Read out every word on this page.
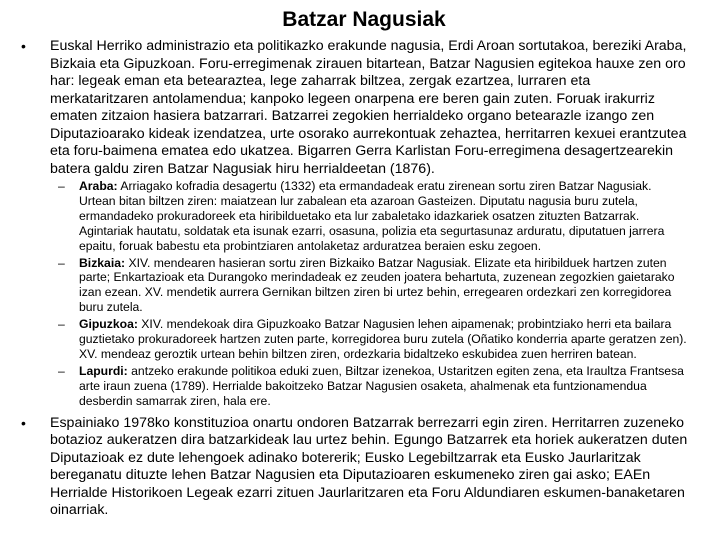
Batzar Nagusiak
• Euskal Herriko administrazio eta politikazko erakunde nagusia, Erdi Aroan sortutakoa, bereziki Araba, Bizkaia eta Gipuzkoan. Foru-erregimenak zirauen bitartean, Batzar Nagusien egitekoa hauxe zen oro har: legeak eman eta betearaztea, lege zaharrak biltzea, zergak ezartzea, lurraren eta merkataritzaren antolamendua; kanpoko legeen onarpena ere beren gain zuten. Foruak irakurriz ematen zitzaion hasiera batzarrari. Batzarrei zegokien herrialdeko organo betearazle izango zen Diputazioarako kideak izendatzea, urte osorako aurrekontuak zehaztea, herritarren kexuei erantzutea eta foru-baimena ematea edo ukatzea. Bigarren Gerra Karlistan Foru-erregimena desagertzearekin batera galdu ziren Batzar Nagusiak hiru herrialdeetan (1876).
– Araba: Arriagako kofradia desagertu (1332) eta ermandadeak eratu zirenean sortu ziren Batzar Nagusiak. Urtean bitan biltzen ziren: maiatzean lur zabalean eta azaroan Gasteizen. Diputatu nagusia buru zutela, ermandadeko prokuradoreek eta hiribilduetako eta lur zabaletako idazkariek osatzen zituzten Batzarrak. Agintariak hautatu, soldatak eta isunak ezarri, osasuna, polizia eta segurtasunaz arduratu, diputatuen jarrera epaitu, foruak babestu eta probintziaren antolaketaz arduratzea beraien esku zegoen.
– Bizkaia: XIV. mendearen hasieran sortu ziren Bizkaiko Batzar Nagusiak. Elizate eta hiribilduek hartzen zuten parte; Enkartazioak eta Durangoko merindadeak ez zeuden joatera behartuta, zuzenean zegozkien gaietarako izan ezean. XV. mendetik aurrera Gernikan biltzen ziren bi urtez behin, erregearen ordezkari zen korregidorea buru zutela.
– Gipuzkoa: XIV. mendekoak dira Gipuzkoako Batzar Nagusien lehen aipamenak; probintziako herri eta bailara guztietako prokuradoreek hartzen zuten parte, korregidorea buru zutela (Oñatiko konderria aparte geratzen zen). XV. mendeaz geroztik urtean behin biltzen ziren, ordezkaria bidaltzeko eskubidea zuen herriren batean.
– Lapurdi: antzeko erakunde politikoa eduki zuen, Biltzar izenekoa, Ustaritzen egiten zena, eta Iraultza Frantsesa arte iraun zuena (1789). Herrialde bakoitzeko Batzar Nagusien osaketa, ahalmenak eta funtzionamendua desberdin samarrak ziren, hala ere.
• Espainiako 1978ko konstituzioa onartu ondoren Batzarrak berrezarri egin ziren. Herritarren zuzeneko botazioz aukeratzen dira batzarkideak lau urtez behin. Egungo Batzarrek eta horiek aukeratzen duten Diputazioak ez dute lehengoek adinako botererik; Eusko Legebiltzarrak eta Eusko Jaurlaritzak bereganatu dituzte lehen Batzar Nagusien eta Diputazioaren eskumeneko ziren gai asko; EAEn Herrialde Historikoen Legeak ezarri zituen Jaurlaritzaren eta Foru Aldundiaren eskumen-banaketaren oinarriak.
